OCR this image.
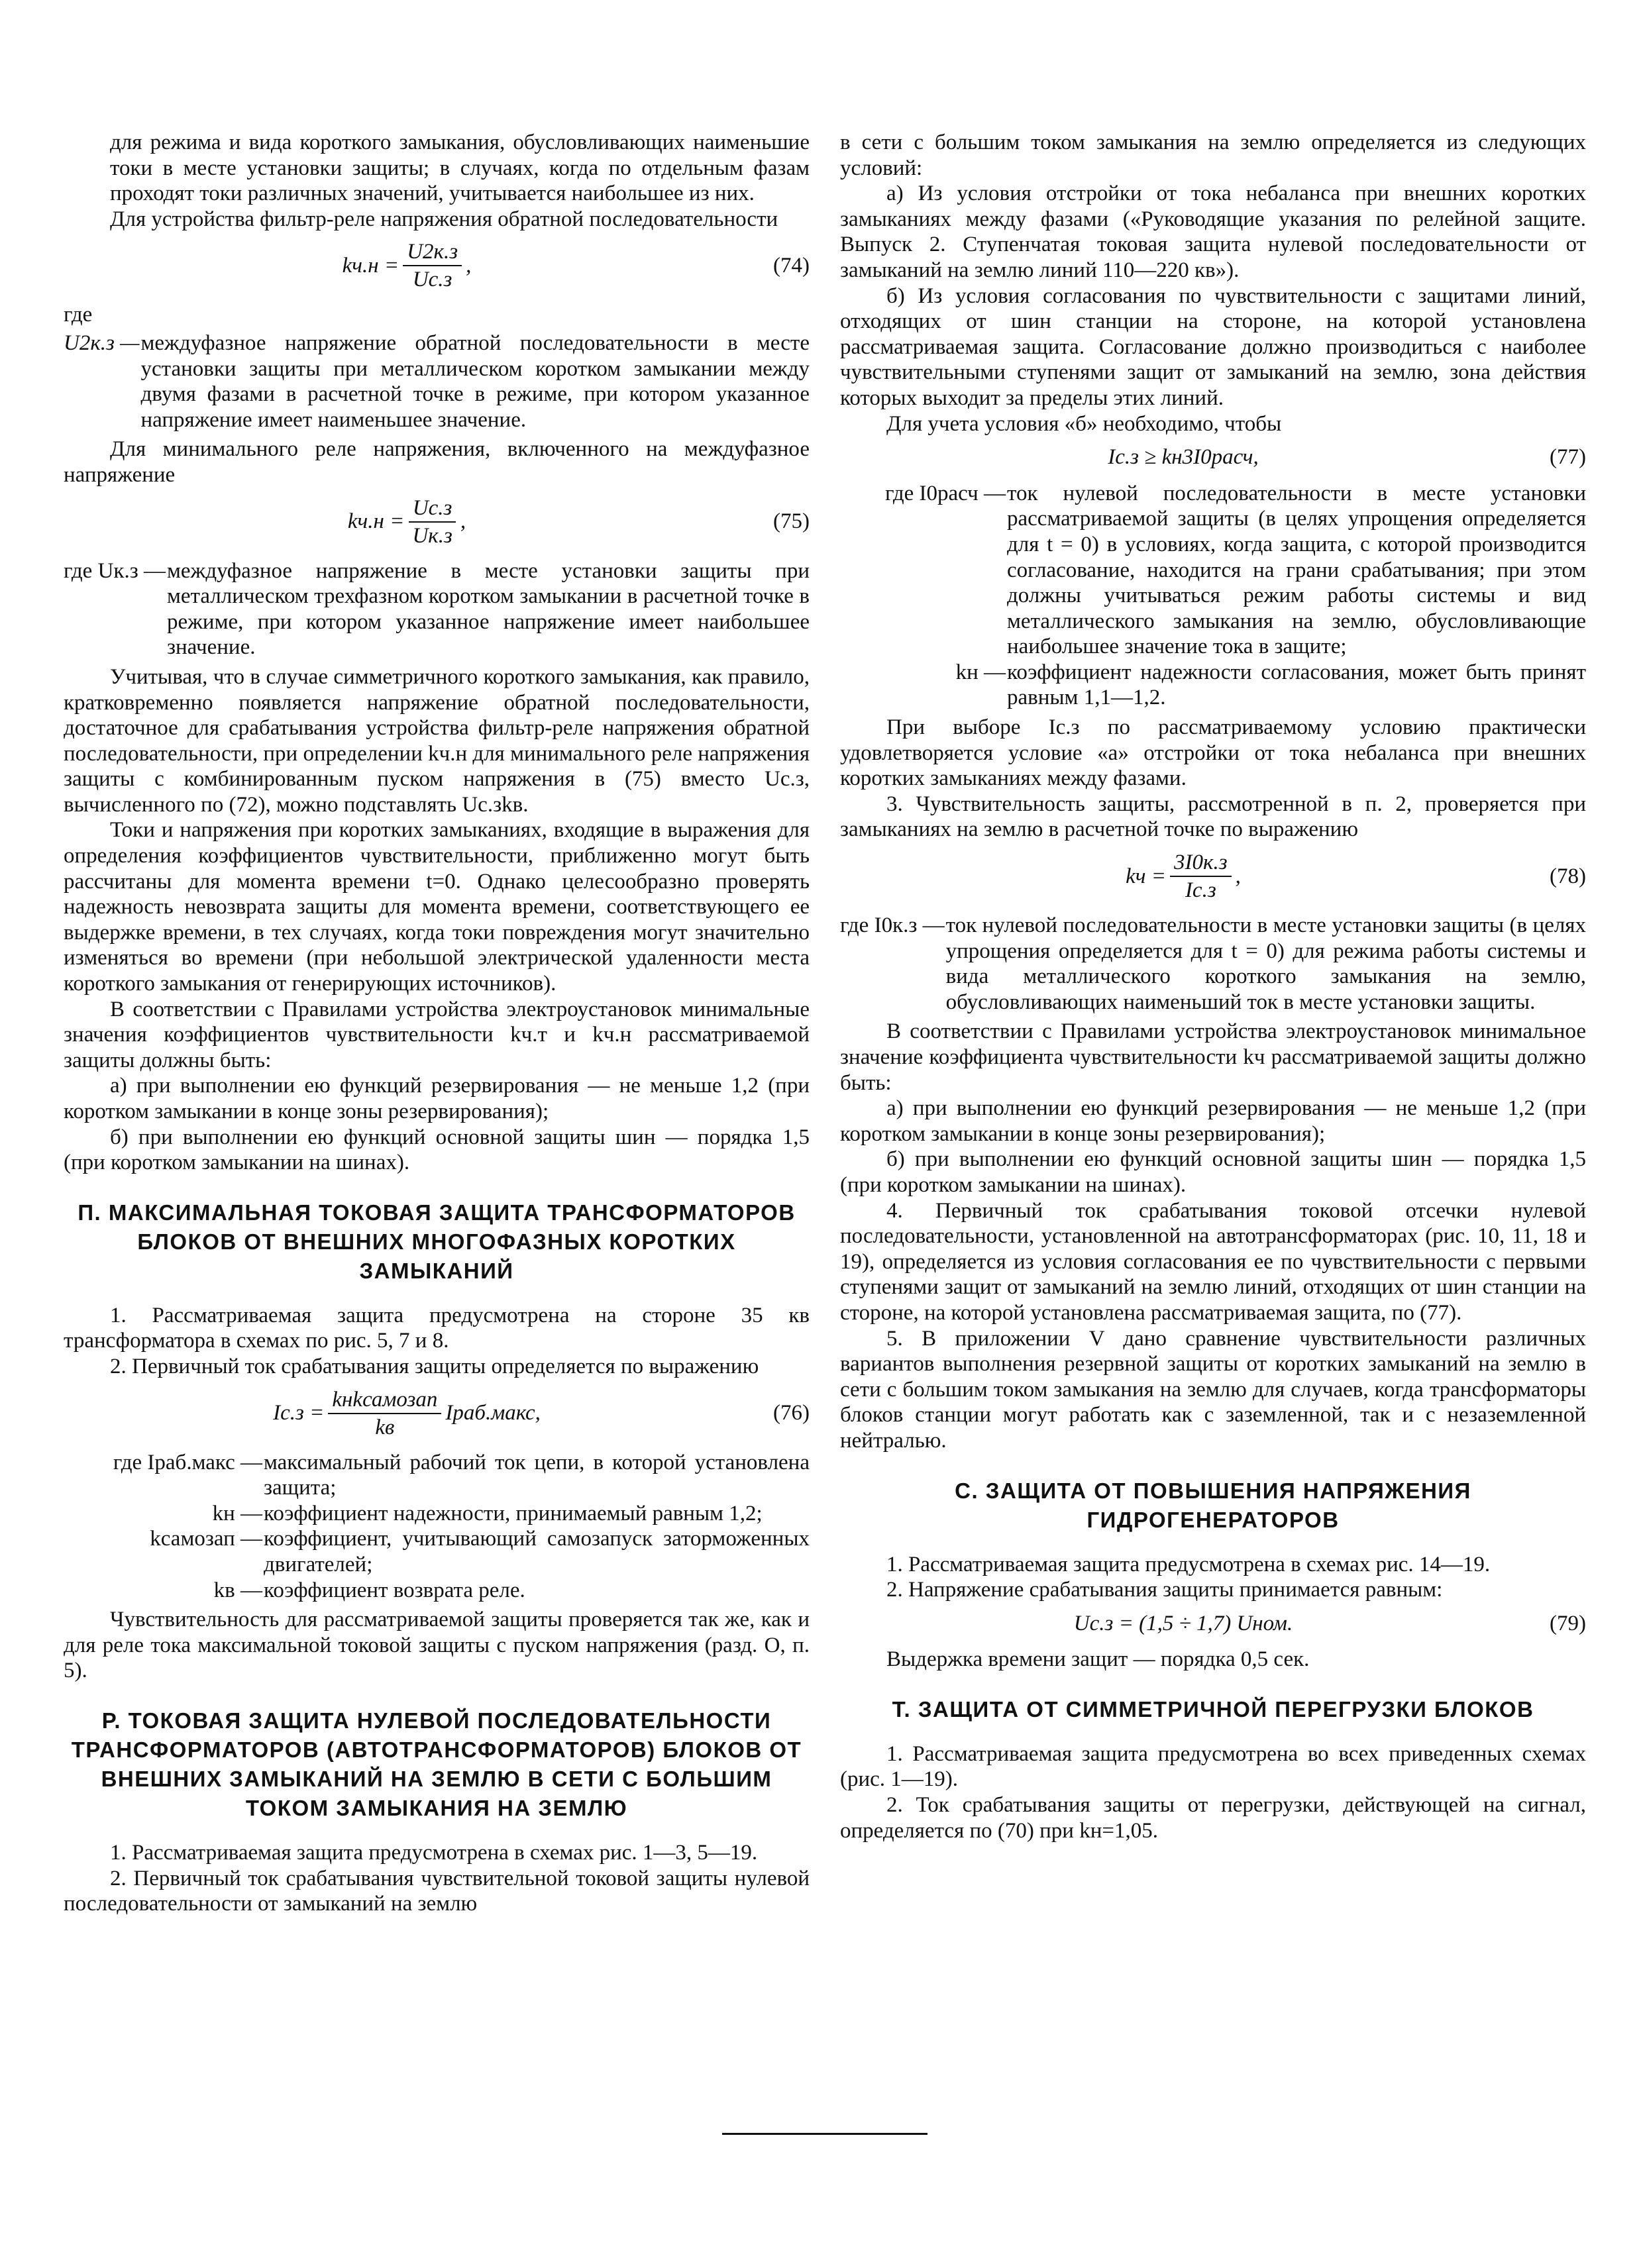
для режима и вида короткого замыкания, обусловливающих наименьшие токи в месте установки защиты; в случаях, когда по отдельным фазам проходят токи различных значений, учитывается наибольшее из них.

Для устройства фильтр-реле напряжения обратной последовательности

$kч.н = \frac{U2к.з}{Uс.з}$ ,	(74)

где

U2к.з — междуфазное напряжение обратной последовательности в месте установки защиты при металлическом коротком замыкании между двумя фазами в расчетной точке в режиме, при котором указанное напряжение имеет наименьшее значение.

Для минимального реле напряжения, включенного на междуфазное напряжение

$kч.н = \frac{Uс.з}{Uк.з}$ ,	(75)
где Uк.з — междуфазное напряжение в месте установки защиты при металлическом трехфазном коротком замыкании в расчетной точке в режиме, при котором указанное напряжение имеет наибольшее значение.

Учитывая, что в случае симметричного короткого замыкания, как правило, кратковременно появляется напряжение обратной последовательности, достаточное для срабатывания устройства фильтр-реле напряжения обратной последовательности, при определении kч.н для минимального реле напряжения защиты с комбинированным пуском напряжения в (75) вместо Uс.з, вычисленного по (72), можно подставлять Uс.зkв.

Токи и напряжения при коротких замыканиях, входящие в выражения для определения коэффициентов чувствительности, приближенно могут быть рассчитаны для момента времени t=0. Однако целесообразно проверять надежность невозврата защиты для момента времени, соответствующего ее выдержке времени, в тех случаях, когда токи повреждения могут значительно изменяться во времени (при небольшой электрической удаленности места короткого замыкания от генерирующих источников).

В соответствии с Правилами устройства электроустановок минимальные значения коэффициентов чувствительности kч.т и kч.н рассматриваемой защиты должны быть:

а) при выполнении ею функций резервирования — не меньше 1,2 (при коротком замыкании в конце зоны резервирования);

б) при выполнении ею функций основной защиты шин — порядка 1,5 (при коротком замыкании на шинах).

П. МАКСИМАЛЬНАЯ ТОКОВАЯ ЗАЩИТА ТРАНСФОРМАТОРОВ БЛОКОВ ОТ ВНЕШНИХ МНОГОФАЗНЫХ КОРОТКИХ ЗАМЫКАНИЙ

1. Рассматриваемая защита предусмотрена на стороне 35 кв трансформатора в схемах по рис. 5, 7 и 8.

2. Первичный ток срабатывания защиты определяется по выражению

$Iс.з = \frac{\text{kнkсамозап}}{kв}$ Iраб.макс,	(76)
где Iраб.макс — максимальный рабочий ток цепи, в которой установлена защита;
kн — коэффициент надежности, принимаемый равным 1,2;
kсамозап — коэффициент, учитывающий самозапуск заторможенных двигателей;
kв — коэффициент возврата реле.

Чувствительность для рассматриваемой защиты проверяется так же, как и для реле тока максимальной токовой защиты с пуском напряжения (разд. О, п. 5).

Р. ТОКОВАЯ ЗАЩИТА НУЛЕВОЙ ПОСЛЕДОВАТЕЛЬНОСТИ ТРАНСФОРМАТОРОВ (АВТОТРАНСФОРМАТОРОВ) БЛОКОВ ОТ ВНЕШНИХ ЗАМЫКАНИЙ НА ЗЕМЛЮ В СЕТИ С БОЛЬШИМ ТОКОМ ЗАМЫКАНИЯ НА ЗЕМЛЮ

1. Рассматриваемая защита предусмотрена в схемах рис. 1—3, 5—19.

2. Первичный ток срабатывания чувствительной токовой защиты нулевой последовательности от замыканий на землю

в сети с большим током замыкания на землю определяется из следующих условий:

а) Из условия отстройки от тока небаланса при внешних коротких замыканиях между фазами («Руководящие указания по релейной защите. Выпуск 2. Ступенчатая токовая защита нулевой последовательности от замыканий на землю линий 110—220 кв»).

б) Из условия согласования по чувствительности с защитами линий, отходящих от шин станции на стороне, на которой установлена рассматриваемая защита. Согласование должно производиться с наиболее чувствительными ступенями защит от замыканий на землю, зона действия которых выходит за пределы этих линий.

Для учета условия «б» необходимо, чтобы

Iс.з ≥ kн3I0расч,	(77)
где I0расч — ток нулевой последовательности в месте установки рассматриваемой защиты (в целях упрощения определяется для t = 0) в условиях, когда защита, с которой производится согласование, находится на грани срабатывания; при этом должны учитываться режим работы системы и вид металлического замыкания на землю, обусловливающие наибольшее значение тока в защите;
kн — коэффициент надежности согласования, может быть принят равным 1,1—1,2.

При выборе Iс.з по рассматриваемому условию практически удовлетворяется условие «а» отстройки от тока небаланса при внешних коротких замыканиях между фазами.

3. Чувствительность защиты, рассмотренной в п. 2, проверяется при замыканиях на землю в расчетной точке по выражению

kч = $\frac{3I0к.з}{Iс.з}$ ,	(78)
где I0к.з — ток нулевой последовательности в месте установки защиты (в целях упрощения определяется для t = 0) для режима работы системы и вида металлического короткого замыкания на землю, обусловливающих наименьший ток в месте установки защиты.

В соответствии с Правилами устройства электроустановок минимальное значение коэффициента чувствительности kч рассматриваемой защиты должно быть:

а) при выполнении ею функций резервирования — не меньше 1,2 (при коротком замыкании в конце зоны резервирования);

б) при выполнении ею функций основной защиты шин — порядка 1,5 (при коротком замыкании на шинах).

4. Первичный ток срабатывания токовой отсечки нулевой последовательности, установленной на автотрансформаторах (рис. 10, 11, 18 и 19), определяется из условия согласования ее по чувствительности с первыми ступенями защит от замыканий на землю линий, отходящих от шин станции на стороне, на которой установлена рассматриваемая защита, по (77).

5. В приложении V дано сравнение чувствительности различных вариантов выполнения резервной защиты от коротких замыканий на землю в сети с большим током замыкания на землю для случаев, когда трансформаторы блоков станции могут работать как с заземленной, так и с незаземленной нейтралью.

С. ЗАЩИТА ОТ ПОВЫШЕНИЯ НАПРЯЖЕНИЯ ГИДРОГЕНЕРАТОРОВ

1. Рассматриваемая защита предусмотрена в схемах рис. 14—19.

2. Напряжение срабатывания защиты принимается равным:

Uс.з = (1,5 ÷ 1,7) Uном.	(79)

Выдержка времени защит — порядка 0,5 сек.

Т. ЗАЩИТА ОТ СИММЕТРИЧНОЙ ПЕРЕГРУЗКИ БЛОКОВ

1. Рассматриваемая защита предусмотрена во всех приведенных схемах (рис. 1—19).

2. Ток срабатывания защиты от перегрузки, действующей на сигнал, определяется по (70) при kн=1,05.
